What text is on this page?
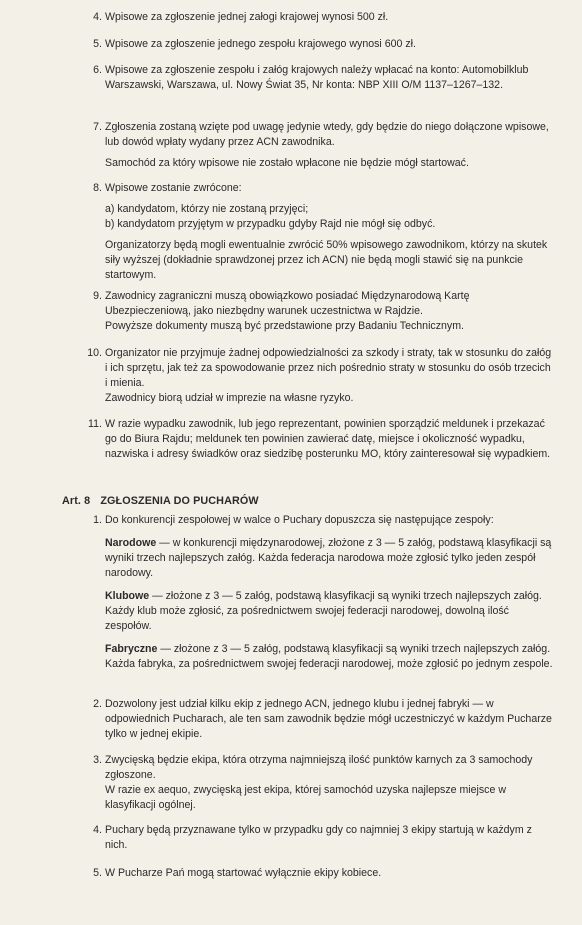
4. Wpisowe za zgłoszenie jednej załogi krajowej wynosi 500 zł.

5. Wpisowe za zgłoszenie jednego zespołu krajowego wynosi 600 zł.

6. Wpisowe za zgłoszenie zespołu i załóg krajowych należy wpłacać na konto: Automobilklub Warszawski, Warszawa, ul. Nowy Świat 35, Nr konta: NBP XIII O/M 1137–1267–132.

7. Zgłoszenia zostaną wzięte pod uwagę jedynie wtedy, gdy będzie do niego dołączone wpisowe, lub dowód wpłaty wydany przez ACN zawodnika.

Samochód za który wpisowe nie zostało wpłacone nie będzie mógł startować.

8. Wpisowe zostanie zwrócone:

a) kandydatom, którzy nie zostaną przyjęci;

b) kandydatom przyjętym w przypadku gdyby Rajd nie mógł się odbyć.

Organizatorzy będą mogli ewentualnie zwrócić 50% wpisowego zawodnikom, którzy na skutek siły wyższej (dokładnie sprawdzonej przez ich ACN) nie będą mogli stawić się na punkcie startowym.

9. Zawodnicy zagraniczni muszą obowiązkowo posiadać Międzynarodową Kartę Ubezpieczeniową, jako niezbędny warunek uczestnictwa w Rajdzie.

Powyższe dokumenty muszą być przedstawione przy Badaniu Technicznym.

10. Organizator nie przyjmuje żadnej odpowiedzialności za szkody i straty, tak w stosunku do załóg i ich sprzętu, jak też za spowodowanie przez nich pośrednio straty w stosunku do osób trzecich i mienia.

Zawodnicy biorą udział w imprezie na własne ryzyko.

11. W razie wypadku zawodnik, lub jego reprezentant, powinien sporządzić meldunek i przekazać go do Biura Rajdu; meldunek ten powinien zawierać datę, miejsce i okoliczność wypadku, nazwiska i adresy świadków oraz siedzibę posterunku MO, który zainteresował się wypadkiem.

Art. 8 ZGŁOSZENIA DO PUCHARÓW
1. Do konkurencji zespołowej w walce o Puchary dopuszcza się następujące zespoły:

Narodowe — w konkurencji międzynarodowej, złożone z 3 — 5 załóg, podstawą klasyfikacji są wyniki trzech najlepszych załóg. Każda federacja narodowa może zgłosić tylko jeden zespół narodowy.

Klubowe — złożone z 3 — 5 załóg, podstawą klasyfikacji są wyniki trzech najlepszych załóg. Każdy klub może zgłosić, za pośrednictwem swojej federacji narodowej, dowolną ilość zespołów.

Fabryczne — złożone z 3 — 5 załóg, podstawą klasyfikacji są wyniki trzech najlepszych załóg. Każda fabryka, za pośrednictwem swojej federacji narodowej, może zgłosić po jednym zespole.

2. Dozwolony jest udział kilku ekip z jednego ACN, jednego klubu i jednej fabryki — w odpowiednich Pucharach, ale ten sam zawodnik będzie mógł uczestniczyć w każdym Pucharze tylko w jednej ekipie.

3. Zwycięską będzie ekipa, która otrzyma najmniejszą ilość punktów karnych za 3 samochody zgłoszone.

W razie ex aequo, zwycięską jest ekipa, której samochód uzyska najlepsze miejsce w klasyfikacji ogólnej.

4. Puchary będą przyznawane tylko w przypadku gdy co najmniej 3 ekipy startują w każdym z nich.

5. W Pucharze Pań mogą startować wyłącznie ekipy kobiece.
